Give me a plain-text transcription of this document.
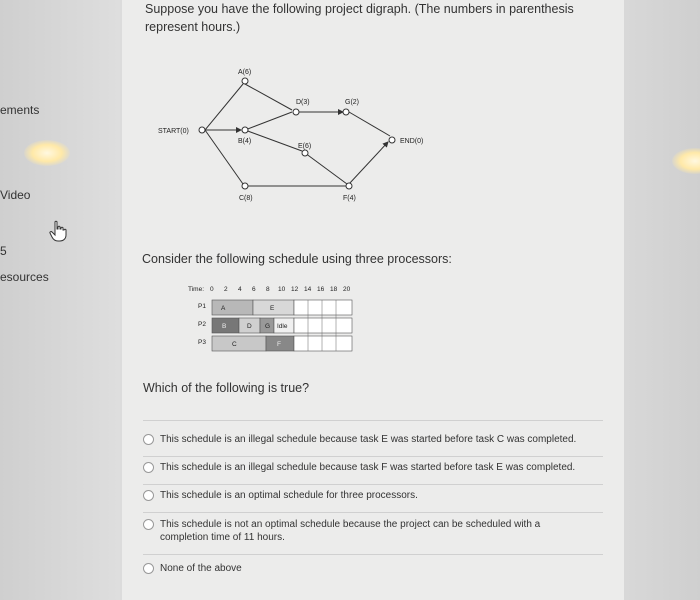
ements
Video
5
esources
Suppose you have the following project digraph. (The numbers in parenthesis
represent hours.)
START(0)
A(6)
B(4)
C(8)
D(3)
E(6)
G(2)
F(4)
END(0)
Consider the following schedule using three processors:
Time: 0 2 4 6 8 10 12 14 16 18 20
P1
P2
P3
A	E
B	D G Idle
C	F
Which of the following is true?
This schedule is an illegal schedule because task E was started before task C was completed.
This schedule is an illegal schedule because task F was started before task E was completed.
This schedule is an optimal schedule for three processors.
This schedule is not an optimal schedule because the project can be scheduled with a completion time of 11 hours.
None of the above
